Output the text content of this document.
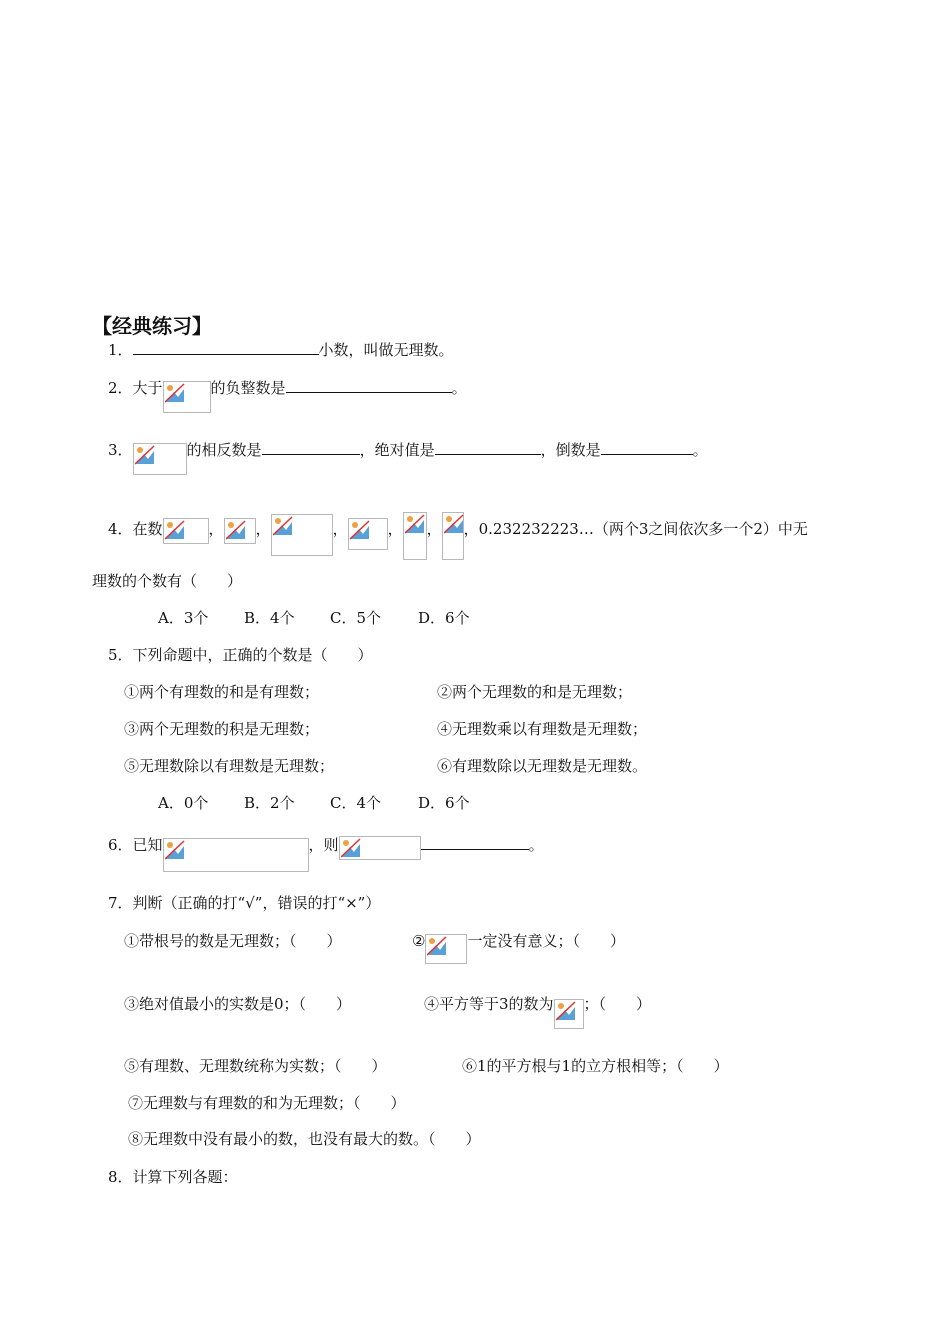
【经典练习】
1．	小数，叫做无理数。
2．大于	的负整数是	。
3．	的相反数是	，绝对值是	，倒数是	。
4．在数	， ，	，	， ， ，0.232232223…（两个3之间依次多一个2）中无
理数的个数有（　　）
A．3个 B．4个 C．5个 D．6个
5．下列命题中，正确的个数是（　　）
①两个有理数的和是有理数；	②两个无理数的和是无理数；
③两个无理数的积是无理数；	④无理数乘以有理数是无理数；
⑤无理数除以有理数是无理数；	⑥有理数除以无理数是无理数。
A．0个 B．2个 C．4个 D．6个
6．已知	，则	。
7．判断（正确的打“√”，错误的打“×”）
①带根号的数是无理数；（　　）	②	一定没有意义；（　　）
③绝对值最小的实数是0；（　　）	④平方等于3的数为 ；（　　）
⑤有理数、无理数统称为实数；（　　）	⑥1的平方根与1的立方根相等；（　　）
⑦无理数与有理数的和为无理数；（　　）
⑧无理数中没有最小的数，也没有最大的数。（　　）
8．计算下列各题：
